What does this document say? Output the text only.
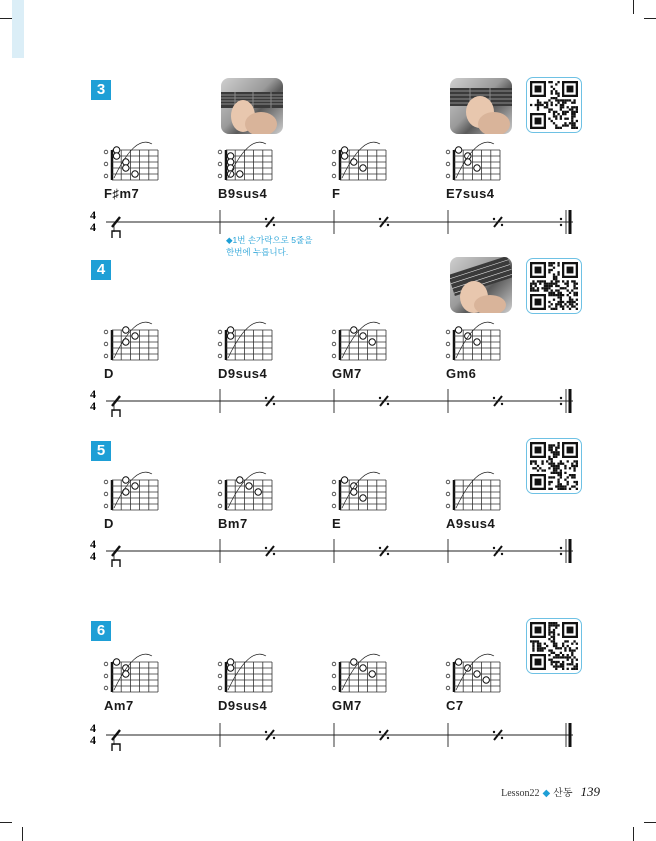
3
4
5
6
F♯m7	B9sus4	F	E7sus4
D	D9sus4	GM7	Gm6
D	Bm7	E	A9sus4
Am7	D9sus4	GM7	C7
4
4
4
4
4
4
4
4
◆1번 손가락으로 5줄을
한번에 누릅니다.
Lesson22 ◆ 산동 139
